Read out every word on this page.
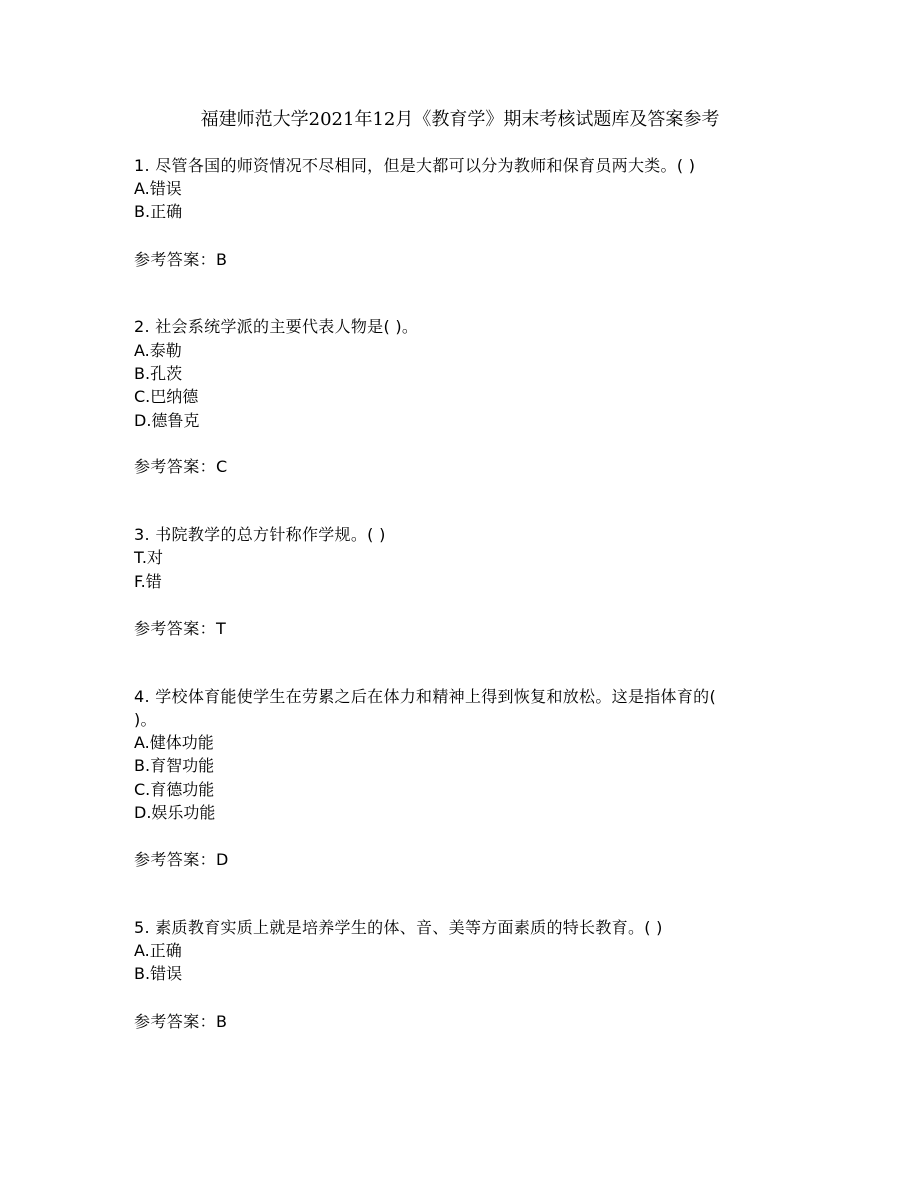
福建师范大学2021年12月《教育学》期末考核试题库及答案参考
1. 尽管各国的师资情况不尽相同，但是大都可以分为教师和保育员两大类。( )
A.错误
B.正确
参考答案：B
2. 社会系统学派的主要代表人物是( )。
A.泰勒
B.孔茨
C.巴纳德
D.德鲁克
参考答案：C
3. 书院教学的总方针称作学规。( )
T.对
F.错
参考答案：T
4. 学校体育能使学生在劳累之后在体力和精神上得到恢复和放松。这是指体育的(
)。
A.健体功能
B.育智功能
C.育德功能
D.娱乐功能
参考答案：D
5. 素质教育实质上就是培养学生的体、音、美等方面素质的特长教育。( )
A.正确
B.错误
参考答案：B
